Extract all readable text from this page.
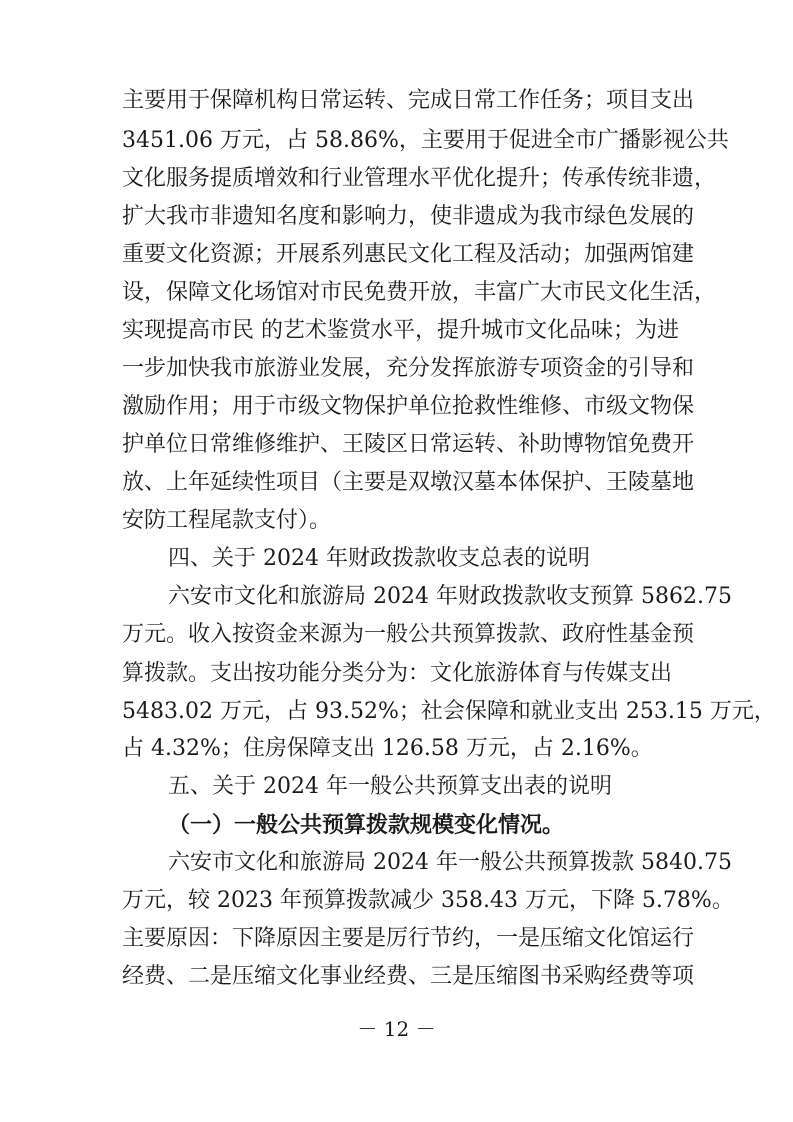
主要用于保障机构日常运转、完成日常工作任务；项目支出
3451.06 万元，占 58.86%，主要用于促进全市广播影视公共
文化服务提质增效和行业管理水平优化提升；传承传统非遗，
扩大我市非遗知名度和影响力，使非遗成为我市绿色发展的
重要文化资源；开展系列惠民文化工程及活动；加强两馆建
设，保障文化场馆对市民免费开放，丰富广大市民文化生活，
实现提高市民 的艺术鉴赏水平，提升城市文化品味；为进
一步加快我市旅游业发展，充分发挥旅游专项资金的引导和
激励作用；用于市级文物保护单位抢救性维修、市级文物保
护单位日常维修维护、王陵区日常运转、补助博物馆免费开
放、上年延续性项目（主要是双墩汉墓本体保护、王陵墓地
安防工程尾款支付）。
四、关于 2024 年财政拨款收支总表的说明
六安市文化和旅游局 2024 年财政拨款收支预算 5862.75
万元。收入按资金来源为一般公共预算拨款、政府性基金预
算拨款。支出按功能分类分为：文化旅游体育与传媒支出
5483.02 万元，占 93.52%；社会保障和就业支出 253.15 万元，
占 4.32%；住房保障支出 126.58 万元，占 2.16%。
五、关于 2024 年一般公共预算支出表的说明
（一）一般公共预算拨款规模变化情况。
六安市文化和旅游局 2024 年一般公共预算拨款 5840.75
万元，较 2023 年预算拨款减少 358.43 万元，下降 5.78%。
主要原因：下降原因主要是厉行节约，一是压缩文化馆运行
经费、二是压缩文化事业经费、三是压缩图书采购经费等项
－ 12 －
